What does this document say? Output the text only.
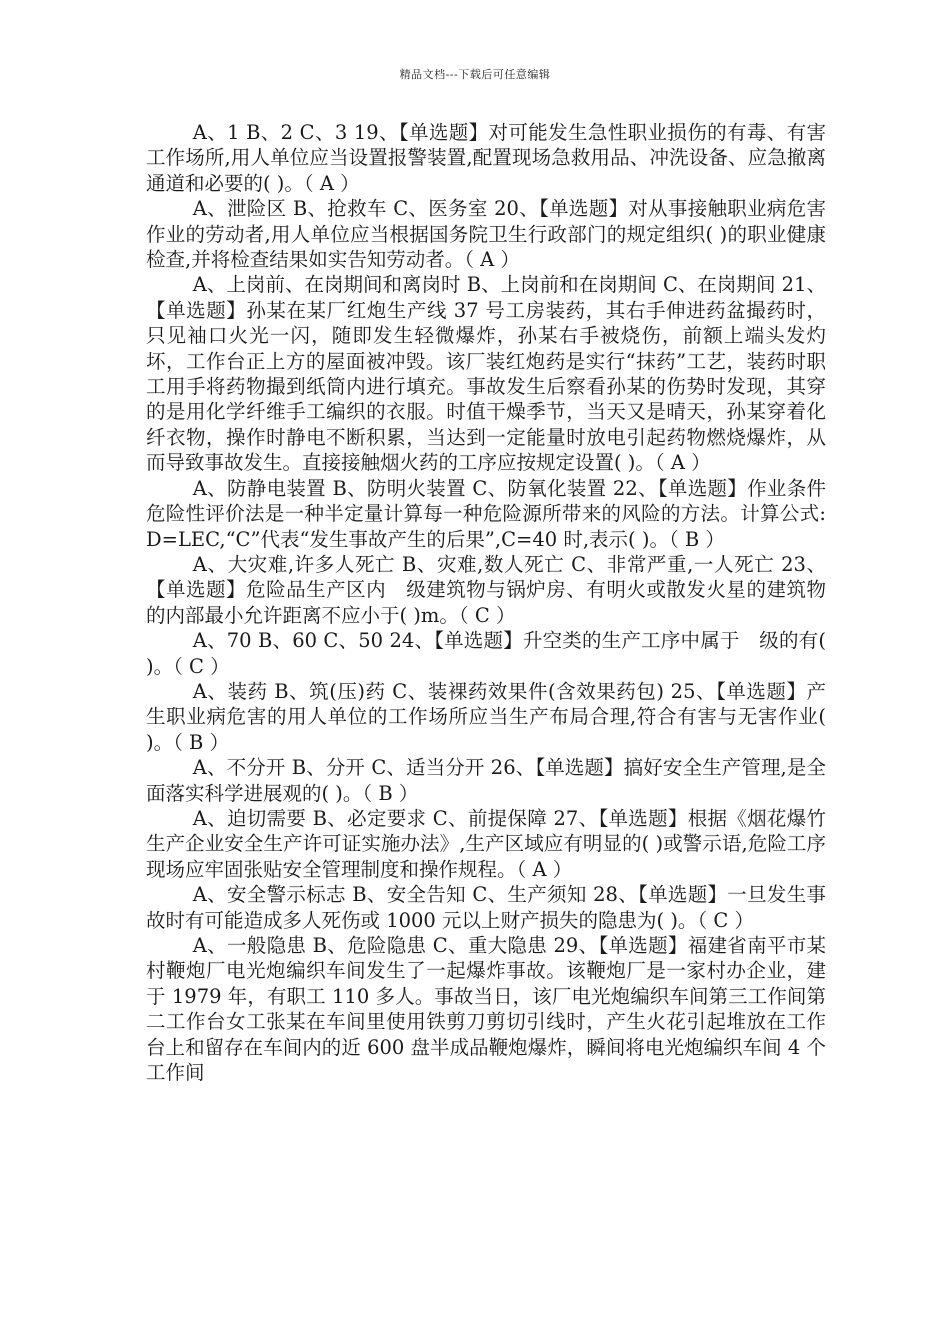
精品文档---下载后可任意编辑

A、1 B、2 C、3 19、【单选题】对可能发生急性职业损伤的有毒、有害工作场所,用人单位应当设置报警装置,配置现场急救用品、冲洗设备、应急撤离通道和必要的( )。（ A ）

A、泄险区 B、抢救车 C、医务室 20、【单选题】对从事接触职业病危害作业的劳动者,用人单位应当根据国务院卫生行政部门的规定组织( )的职业健康检查,并将检查结果如实告知劳动者。（ A ）

A、上岗前、在岗期间和离岗时 B、上岗前和在岗期间 C、在岗期间 21、【单选题】孙某在某厂红炮生产线 37 号工房装药，其右手伸进药盆撮药时，只见袖口火光一闪，随即发生轻微爆炸，孙某右手被烧伤，前额上端头发灼坏，工作台正上方的屋面被冲毁。该厂装红炮药是实行“抹药”工艺，装药时职工用手将药物撮到纸筒内进行填充。事故发生后察看孙某的伤势时发现，其穿的是用化学纤维手工编织的衣服。时值干燥季节，当天又是晴天，孙某穿着化纤衣物，操作时静电不断积累，当达到一定能量时放电引起药物燃烧爆炸，从而导致事故发生。直接接触烟火药的工序应按规定设置( )。（ A ）

A、防静电装置 B、防明火装置 C、防氧化装置 22、【单选题】作业条件危险性评价法是一种半定量计算每一种危险源所带来的风险的方法。计算公式:D=LEC,“C”代表“发生事故产生的后果”,C=40 时,表示( )。（ B ）

A、大灾难,许多人死亡 B、灾难,数人死亡 C、非常严重,一人死亡 23、【单选题】危险品生产区内　级建筑物与锅炉房、有明火或散发火星的建筑物的内部最小允许距离不应小于( )m。（ C ）

A、70 B、60 C、50 24、【单选题】升空类的生产工序中属于　级的有( )。（ C ）

A、装药 B、筑(压)药 C、装裸药效果件(含效果药包) 25、【单选题】产生职业病危害的用人单位的工作场所应当生产布局合理,符合有害与无害作业( )。（ B ）

A、不分开 B、分开 C、适当分开 26、【单选题】搞好安全生产管理,是全面落实科学进展观的( )。（ B ）

A、迫切需要 B、必定要求 C、前提保障 27、【单选题】根据《烟花爆竹生产企业安全生产许可证实施办法》,生产区域应有明显的( )或警示语,危险工序现场应牢固张贴安全管理制度和操作规程。（ A ）

A、安全警示标志 B、安全告知 C、生产须知 28、【单选题】一旦发生事故时有可能造成多人死伤或 1000 元以上财产损失的隐患为( )。（ C ）

A、一般隐患 B、危险隐患 C、重大隐患 29、【单选题】福建省南平市某村鞭炮厂电光炮编织车间发生了一起爆炸事故。该鞭炮厂是一家村办企业，建于 1979 年，有职工 110 多人。事故当日，该厂电光炮编织车间第三工作间第二工作台女工张某在车间里使用铁剪刀剪切引线时，产生火花引起堆放在工作台上和留存在车间内的近 600 盘半成品鞭炮爆炸，瞬间将电光炮编织车间 4 个工作间
